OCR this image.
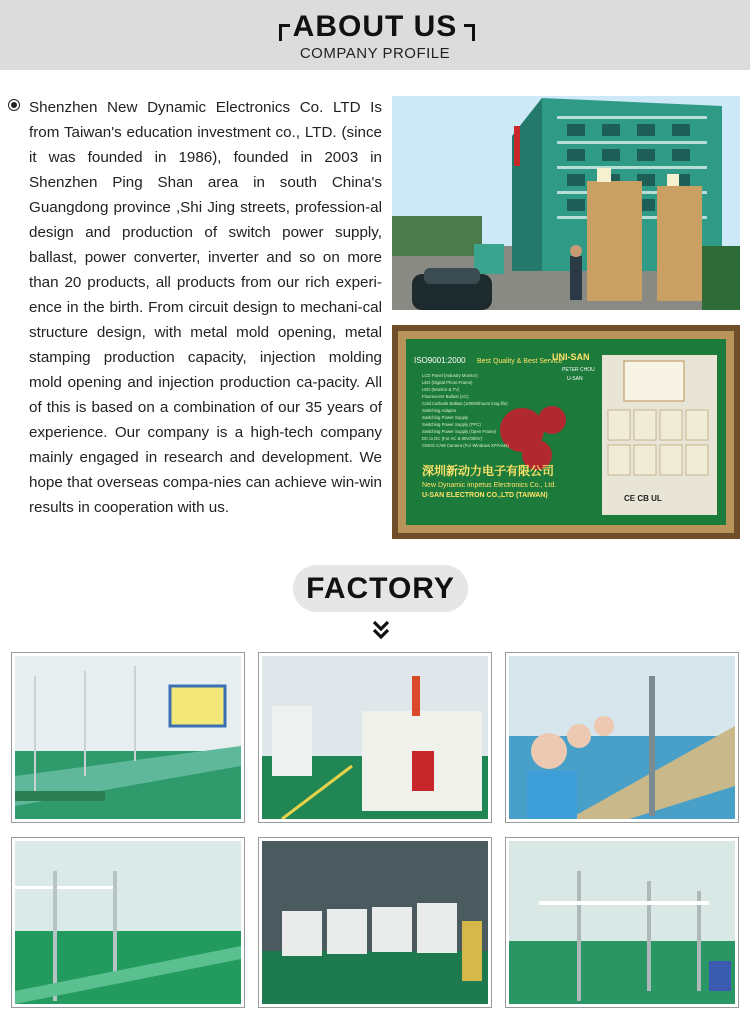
ABOUT US
COMPANY PROFILE
Shenzhen New Dynamic Electronics Co. LTD Is from Taiwan's education investment co., LTD. (since it was founded in 1986), founded in 2003 in Shenzhen Ping Shan area in south China's Guangdong province ,Shi Jing streets, profession-al design and production of switch power supply, ballast, power converter, inverter and so on more than 20 products, all products from our rich experi-ence in the birth. From circuit design to mechani-cal structure design, with metal mold opening, metal stamping production capacity, injection molding mold opening and injection production ca-pacity. All of this is based on a combination of our 35 years of experience. Our company is a high-tech company mainly engaged in research and development. We hope that overseas compa-nies can achieve win-win results in cooperation with us.
ISO9001:2000 Best Quality & Best Service
UNI-SAN
PETER CHOU
U-SAN
LCD Panel (Industry Monitor)
LED (Digital Photo Frame)
LED (Monitor & TV)
Fluorescent Ballast (AC)
Cold Cathode Ballast (100000hours long life)
Switching Adaptor
Switching Power Supply
Switching Power Supply (PFC)
Switching Power Supply (Open Frame)
DC to DC (For AC & 90V/300V)
CMOS CAM Camera (For Windows XP/Vista)
深圳新动力电子有限公司
New Dynamic impetus Electronics Co., Ltd.
U-SAN ELECTRON CO.,LTD (TAIWAN)	CE CB UL
FACTORY
